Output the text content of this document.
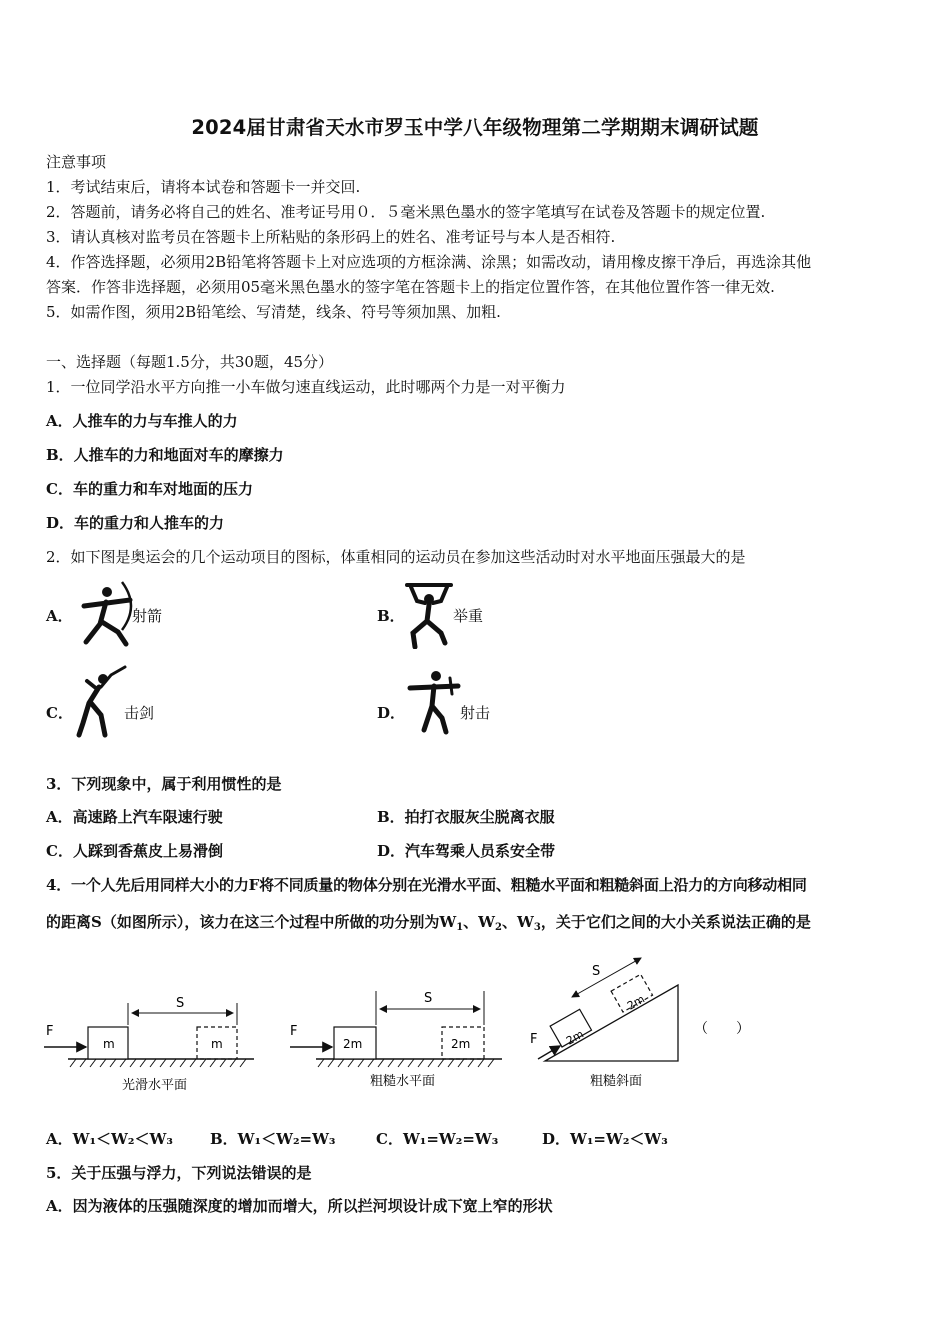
2024届甘肃省天水市罗玉中学八年级物理第二学期期末调研试题
注意事项
1．考试结束后，请将本试卷和答题卡一并交回.
2．答题前，请务必将自己的姓名、准考证号用０．５毫米黑色墨水的签字笔填写在试卷及答题卡的规定位置.
3．请认真核对监考员在答题卡上所粘贴的条形码上的姓名、准考证号与本人是否相符.
4．作答选择题，必须用2B铅笔将答题卡上对应选项的方框涂满、涂黑；如需改动，请用橡皮擦干净后，再选涂其他
答案．作答非选择题，必须用05毫米黑色墨水的签字笔在答题卡上的指定位置作答，在其他位置作答一律无效.
5．如需作图，须用2B铅笔绘、写清楚，线条、符号等须加黑、加粗.
一、选择题（每题1.5分，共30题，45分）
1．一位同学沿水平方向推一小车做匀速直线运动，此时哪两个力是一对平衡力
A．人推车的力与车推人的力
B．人推车的力和地面对车的摩擦力
C．车的重力和车对地面的压力
D．车的重力和人推车的力
2．如下图是奥运会的几个运动项目的图标，体重相同的运动员在参加这些活动时对水平地面压强最大的是
A．	射箭	B．	举重
C．	击剑	D．	射击
3．下列现象中，属于利用惯性的是
A．高速路上汽车限速行驶	B．拍打衣服灰尘脱离衣服
C．人踩到香蕉皮上易滑倒	D．汽车驾乘人员系安全带
4．一个人先后用同样大小的力F将不同质量的物体分别在光滑水平面、粗糙水平面和粗糙斜面上沿力的方向移动相同
的距离S（如图所示），该力在这三个过程中所做的功分别为$W_1$、$W_2$、$W_3$，关于它们之间的大小关系说法正确的是
m	m
F
S
光滑水平面
2m	2m
F
S
粗糙水平面
2m
2m
F
S
粗糙斜面
（　　）
A．W₁＜W₂＜W₃ B．W₁＜W₂=W₃	C．W₁=W₂=W₃	D．W₁=W₂＜W₃
5．关于压强与浮力，下列说法错误的是
A．因为液体的压强随深度的增加而增大，所以拦河坝设计成下宽上窄的形状
